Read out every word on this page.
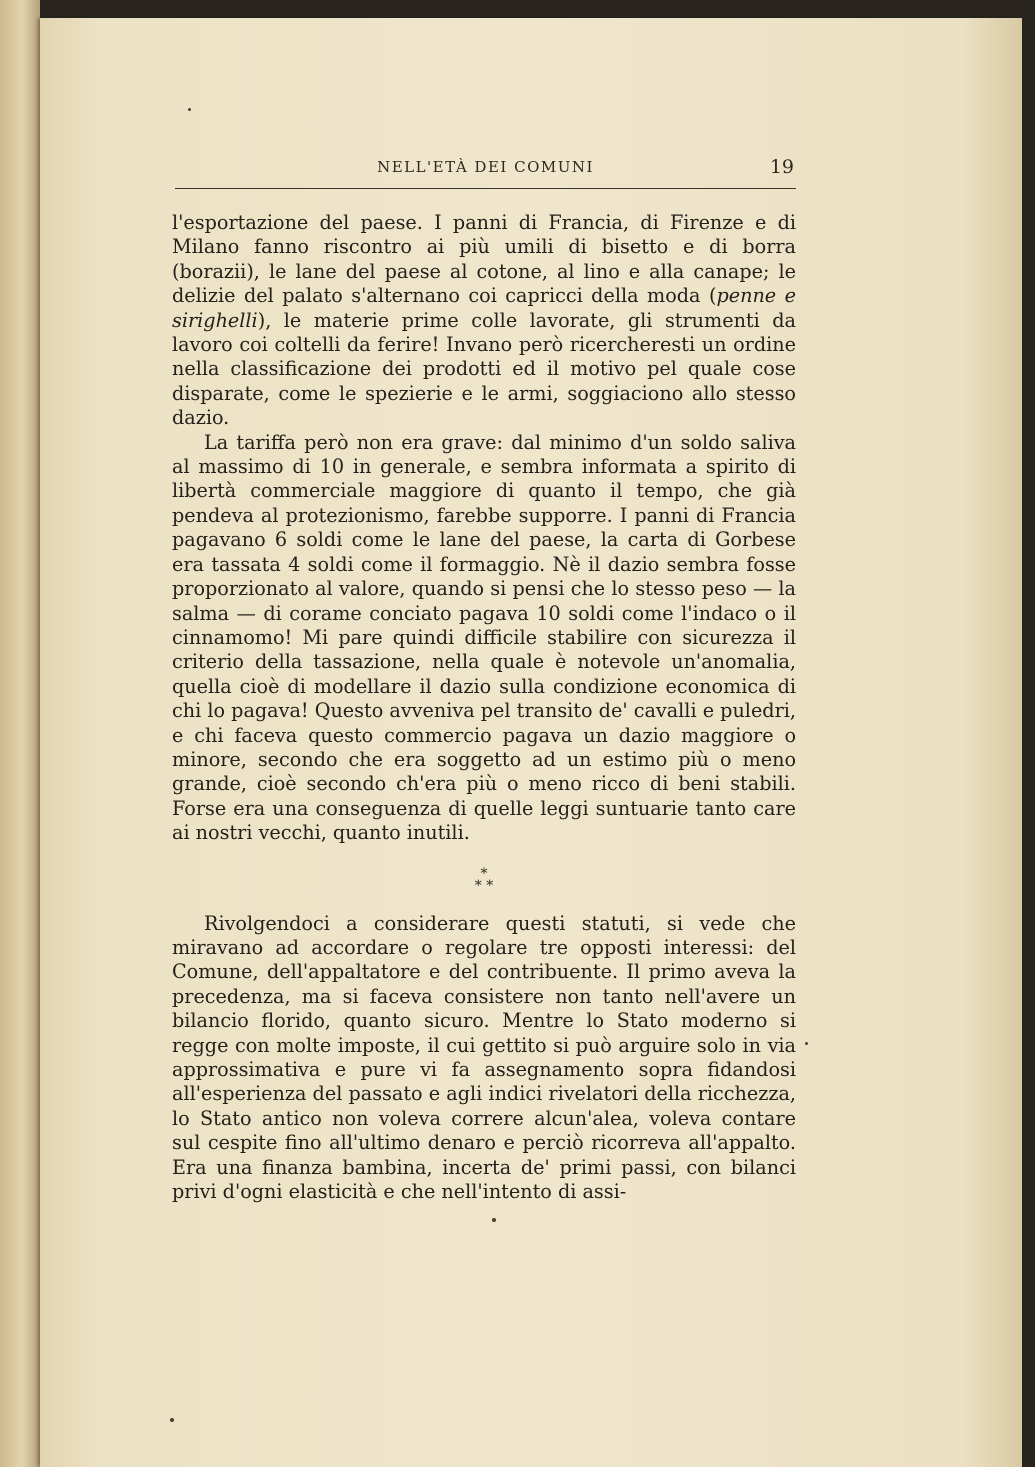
NELL'ETÀ DEI COMUNI	19

l'esportazione del paese. I panni di Francia, di Firenze e di Milano fanno riscontro ai più umili di bisetto e di borra (borazii), le lane del paese al cotone, al lino e alla canape; le delizie del palato s'alternano coi capricci della moda (penne e sirighelli), le materie prime colle lavorate, gli strumenti da lavoro coi coltelli da ferire! Invano però ricercheresti un ordine nella classificazione dei prodotti ed il motivo pel quale cose disparate, come le spezierie e le armi, soggiaciono allo stesso dazio.

La tariffa però non era grave: dal minimo d'un soldo saliva al massimo di 10 in generale, e sembra informata a spirito di libertà commerciale maggiore di quanto il tempo, che già pendeva al protezionismo, farebbe supporre. I panni di Francia pagavano 6 soldi come le lane del paese, la carta di Gorbese era tassata 4 soldi come il formaggio. Nè il dazio sembra fosse proporzionato al valore, quando si pensi che lo stesso peso — la salma — di corame conciato pagava 10 soldi come l'indaco o il cinnamomo! Mi pare quindi difficile stabilire con sicurezza il criterio della tassazione, nella quale è notevole un'anomalia, quella cioè di modellare il dazio sulla condizione economica di chi lo pagava! Questo avveniva pel transito de' cavalli e puledri, e chi faceva questo commercio pagava un dazio maggiore o minore, secondo che era soggetto ad un estimo più o meno grande, cioè secondo ch'era più o meno ricco di beni stabili. Forse era una conseguenza di quelle leggi suntuarie tanto care ai nostri vecchi, quanto inutili.

*
* *

Rivolgendoci a considerare questi statuti, si vede che miravano ad accordare o regolare tre opposti interessi: del Comune, dell'appaltatore e del contribuente. Il primo aveva la precedenza, ma si faceva consistere non tanto nell'avere un bilancio florido, quanto sicuro. Mentre lo Stato moderno si regge con molte imposte, il cui gettito si può arguire solo in via approssimativa e pure vi fa assegnamento sopra fidandosi all'esperienza del passato e agli indici rivelatori della ricchezza, lo Stato antico non voleva correre alcun'alea, voleva contare sul cespite fino all'ultimo denaro e perciò ricorreva all'appalto. Era una finanza bambina, incerta de' primi passi, con bilanci privi d'ogni elasticità e che nell'intento di assi-
